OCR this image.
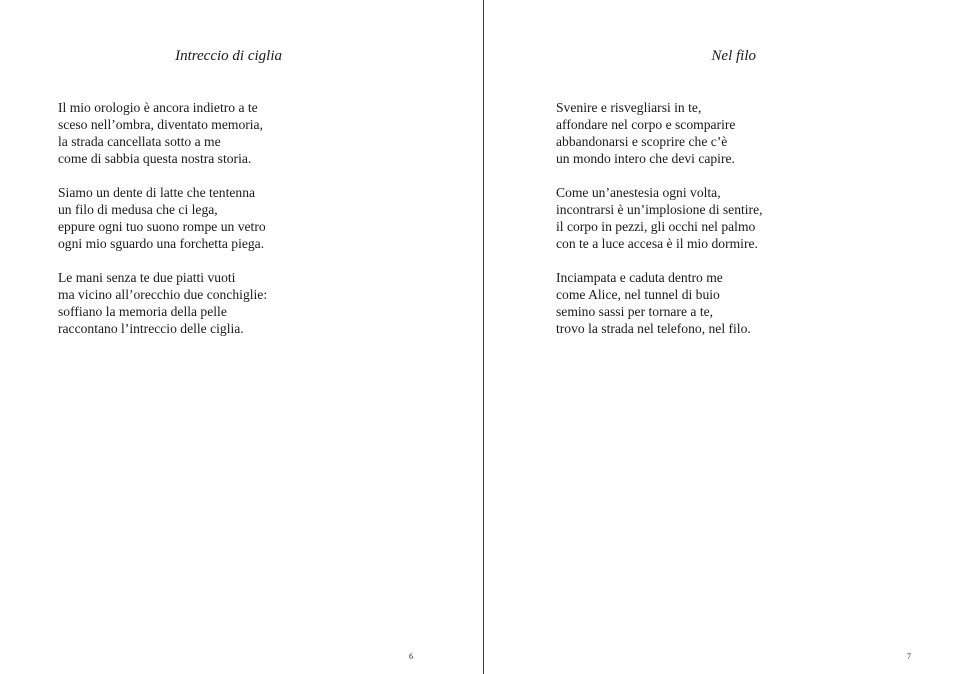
Intreccio di ciglia

Il mio orologio è ancora indietro a te
sceso nell’ombra, diventato memoria,
la strada cancellata sotto a me
come di sabbia questa nostra storia.

Siamo un dente di latte che tentenna
un filo di medusa che ci lega,
eppure ogni tuo suono rompe un vetro
ogni mio sguardo una forchetta piega.

Le mani senza te due piatti vuoti
ma vicino all’orecchio due conchiglie:
soffiano la memoria della pelle
raccontano l’intreccio delle ciglia.

6
Nel filo

Svenire e risvegliarsi in te,
affondare nel corpo e scomparire
abbandonarsi e scoprire che c’è
un mondo intero che devi capire.

Come un’anestesia ogni volta,
incontrarsi è un’implosione di sentire,
il corpo in pezzi, gli occhi nel palmo
con te a luce accesa è il mio dormire.

Inciampata e caduta dentro me
come Alice, nel tunnel di buio
semino sassi per tornare a te,
trovo la strada nel telefono, nel filo.

7
